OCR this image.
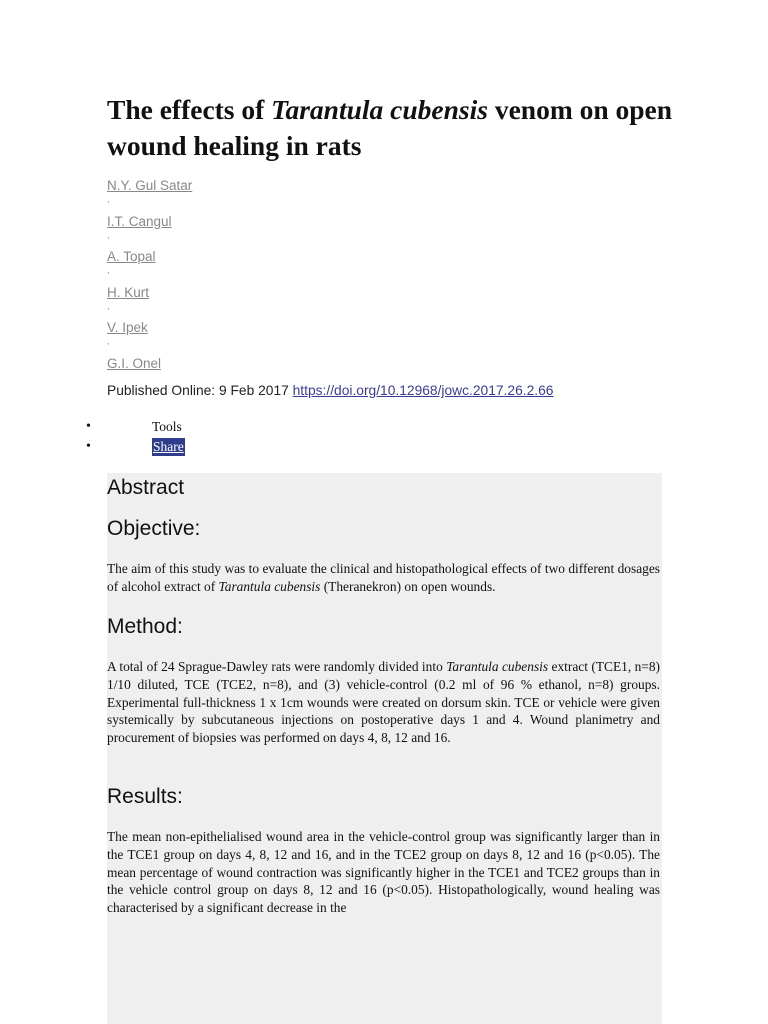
The effects of Tarantula cubensis venom on open wound healing in rats
N.Y. Gul Satar
,
I.T. Cangul
,
A. Topal
,
H. Kurt
,
V. Ipek
,
G.I. Onel
Published Online: 9 Feb 2017 https://doi.org/10.12968/jowc.2017.26.2.66
•	Tools
•	Share
Abstract
Objective:

The aim of this study was to evaluate the clinical and histopathological effects of two different dosages of alcohol extract of Tarantula cubensis (Theranekron) on open wounds.

Method:

A total of 24 Sprague-Dawley rats were randomly divided into Tarantula cubensis extract (TCE1, n=8) 1/10 diluted, TCE (TCE2, n=8), and (3) vehicle-control (0.2 ml of 96 % ethanol, n=8) groups. Experimental full-thickness 1 x 1cm wounds were created on dorsum skin. TCE or vehicle were given systemically by subcutaneous injections on postoperative days 1 and 4. Wound planimetry and procurement of biopsies was performed on days 4, 8, 12 and 16.

Results:

The mean non-epithelialised wound area in the vehicle-control group was significantly larger than in the TCE1 group on days 4, 8, 12 and 16, and in the TCE2 group on days 8, 12 and 16 (p<0.05). The mean percentage of wound contraction was significantly higher in the TCE1 and TCE2 groups than in the vehicle control group on days 8, 12 and 16 (p<0.05). Histopathologically, wound healing was characterised by a significant decrease in the
